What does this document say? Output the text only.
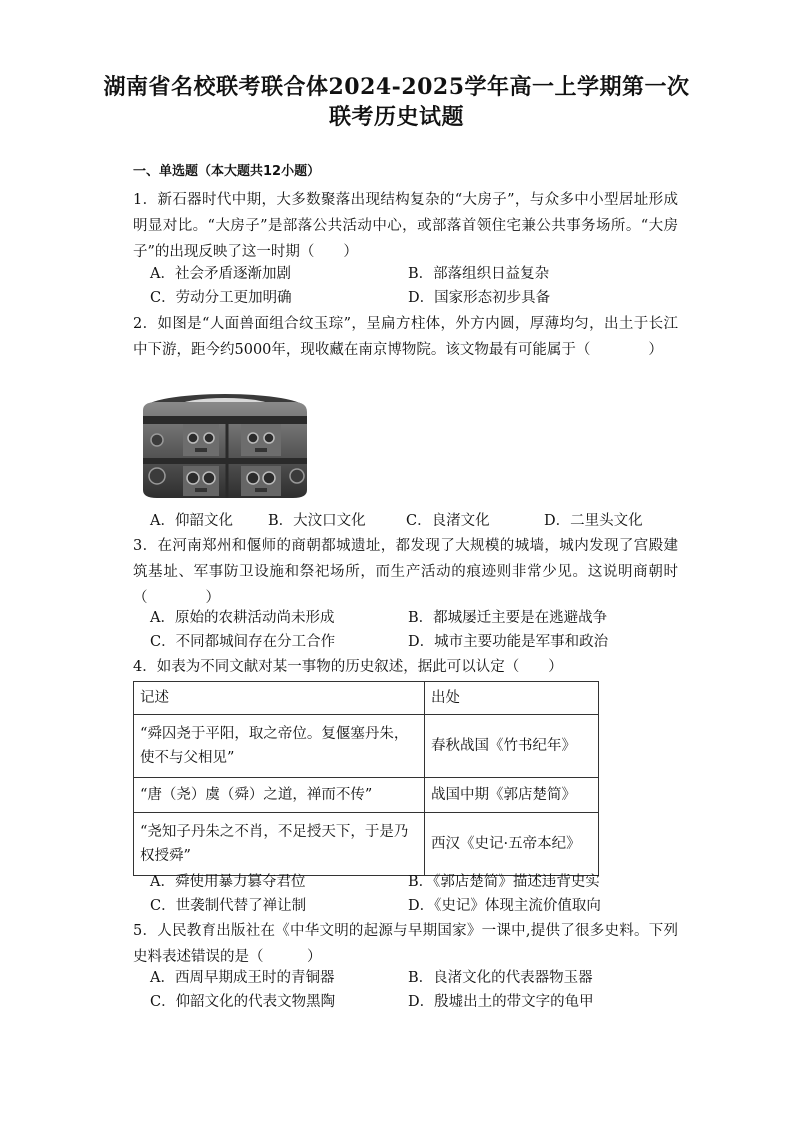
湖南省名校联考联合体2024-2025学年高一上学期第一次
联考历史试题
一、单选题（本大题共12小题）
1．新石器时代中期，大多数聚落出现结构复杂的“大房子”，与众多中小型居址形成明显对比。“大房子”是部落公共活动中心，或部落首领住宅兼公共事务场所。“大房子”的出现反映了这一时期（　　）
A．社会矛盾逐渐加剧	B．部落组织日益复杂
C．劳动分工更加明确	D．国家形态初步具备
2．如图是“人面兽面组合纹玉琮”，呈扁方柱体，外方内圆，厚薄均匀，出土于长江中下游，距今约5000年，现收藏在南京博物院。该文物最有可能属于（　　　　）
A．仰韶文化	B．大汶口文化	C．良渚文化	D．二里头文化
3．在河南郑州和偃师的商朝都城遗址，都发现了大规模的城墙，城内发现了宫殿建筑基址、军事防卫设施和祭祀场所，而生产活动的痕迹则非常少见。这说明商朝时（　　　　）
A．原始的农耕活动尚未形成	B．都城屡迁主要是在逃避战争
C．不同都城间存在分工合作	D．城市主要功能是军事和政治
4．如表为不同文献对某一事物的历史叙述，据此可以认定（　　）
记述	出处
“舜囚尧于平阳，取之帝位。复偃塞丹朱，使不与父相见”	春秋战国《竹书纪年》
“唐（尧）虞（舜）之道，禅而不传”	战国中期《郭店楚简》
“尧知子丹朱之不肖，不足授天下，于是乃权授舜”	西汉《史记·五帝本纪》
A．舜使用暴力篡夺君位	B．《郭店楚简》描述违背史实
C．世袭制代替了禅让制	D．《史记》体现主流价值取向
5．人民教育出版社在《中华文明的起源与早期国家》一课中,提供了很多史料。下列史料表述错误的是（　　　）
A．西周早期成王时的青铜器	B．良渚文化的代表器物玉器
C．仰韶文化的代表文物黑陶	D．殷墟出土的带文字的龟甲
